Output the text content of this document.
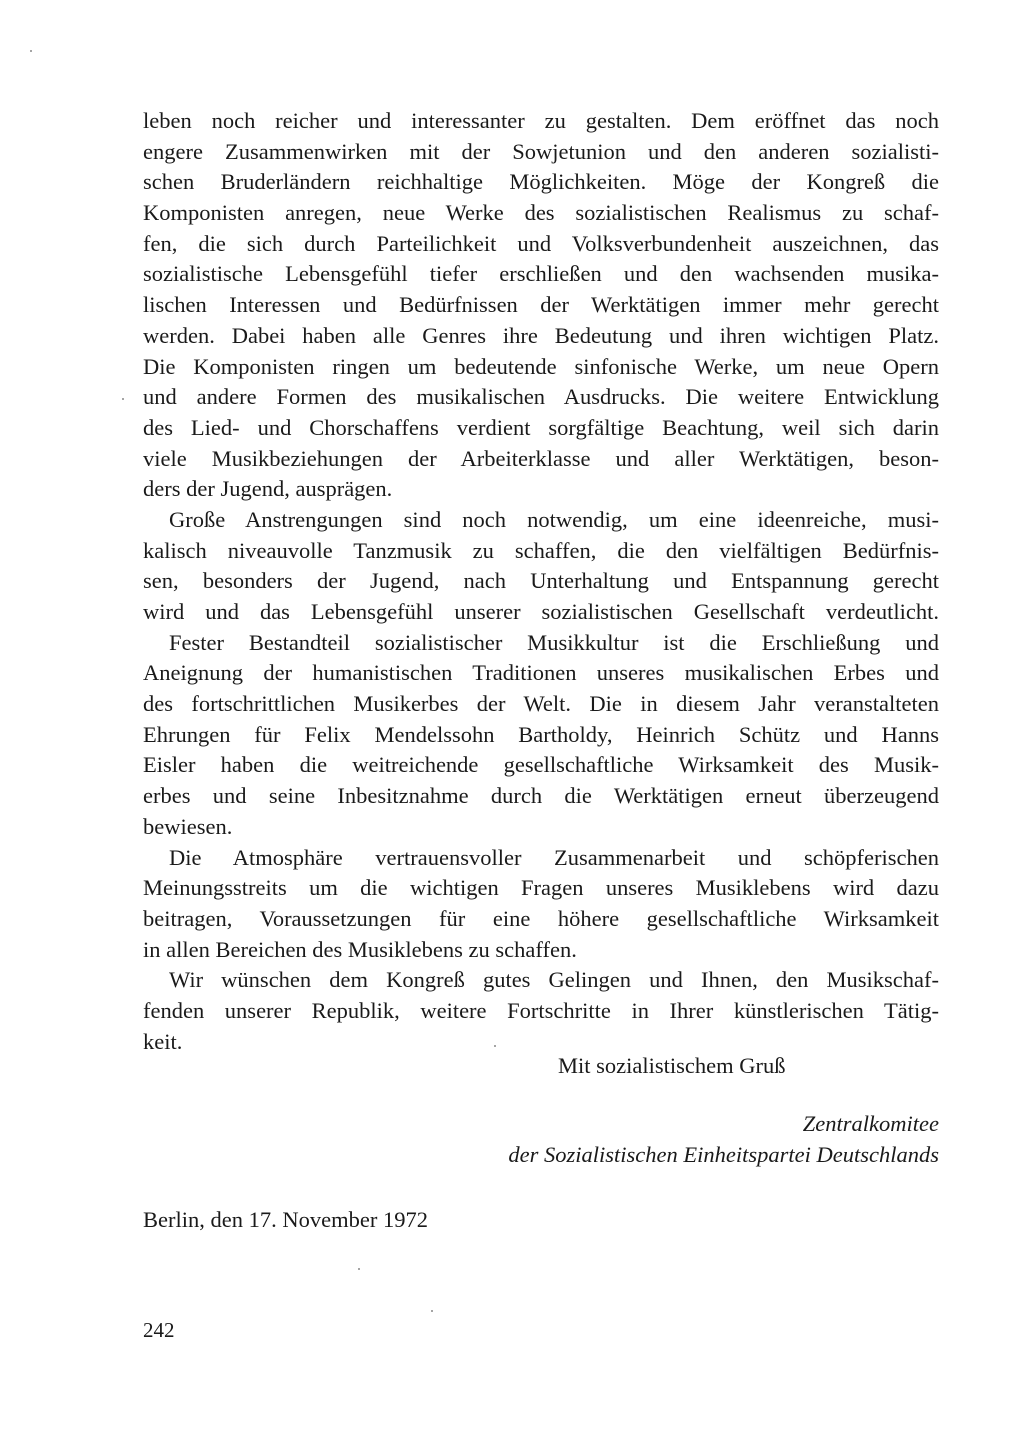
leben noch reicher und interessanter zu gestalten. Dem eröffnet das noch
engere Zusammenwirken mit der Sowjetunion und den anderen sozialisti-
schen Bruderländern reichhaltige Möglichkeiten. Möge der Kongreß die
Komponisten anregen, neue Werke des sozialistischen Realismus zu schaf-
fen, die sich durch Parteilichkeit und Volksverbundenheit auszeichnen, das
sozialistische Lebensgefühl tiefer erschließen und den wachsenden musika-
lischen Interessen und Bedürfnissen der Werktätigen immer mehr gerecht
werden. Dabei haben alle Genres ihre Bedeutung und ihren wichtigen Platz.
Die Komponisten ringen um bedeutende sinfonische Werke, um neue Opern
und andere Formen des musikalischen Ausdrucks. Die weitere Entwicklung
des Lied- und Chorschaffens verdient sorgfältige Beachtung, weil sich darin
viele Musikbeziehungen der Arbeiterklasse und aller Werktätigen, beson-
ders der Jugend, ausprägen.
Große Anstrengungen sind noch notwendig, um eine ideenreiche, musi-
kalisch niveauvolle Tanzmusik zu schaffen, die den vielfältigen Bedürfnis-
sen, besonders der Jugend, nach Unterhaltung und Entspannung gerecht
wird und das Lebensgefühl unserer sozialistischen Gesellschaft verdeutlicht.
Fester Bestandteil sozialistischer Musikkultur ist die Erschließung und
Aneignung der humanistischen Traditionen unseres musikalischen Erbes und
des fortschrittlichen Musikerbes der Welt. Die in diesem Jahr veranstalteten
Ehrungen für Felix Mendelssohn Bartholdy, Heinrich Schütz und Hanns
Eisler haben die weitreichende gesellschaftliche Wirksamkeit des Musik-
erbes und seine Inbesitznahme durch die Werktätigen erneut überzeugend
bewiesen.
Die Atmosphäre vertrauensvoller Zusammenarbeit und schöpferischen
Meinungsstreits um die wichtigen Fragen unseres Musiklebens wird dazu
beitragen, Voraussetzungen für eine höhere gesellschaftliche Wirksamkeit
in allen Bereichen des Musiklebens zu schaffen.
Wir wünschen dem Kongreß gutes Gelingen und Ihnen, den Musikschaf-
fenden unserer Republik, weitere Fortschritte in Ihrer künstlerischen Tätig-
keit.
Mit sozialistischem Gruß
Zentralkomitee
der Sozialistischen Einheitspartei Deutschlands
Berlin, den 17. November 1972
242
